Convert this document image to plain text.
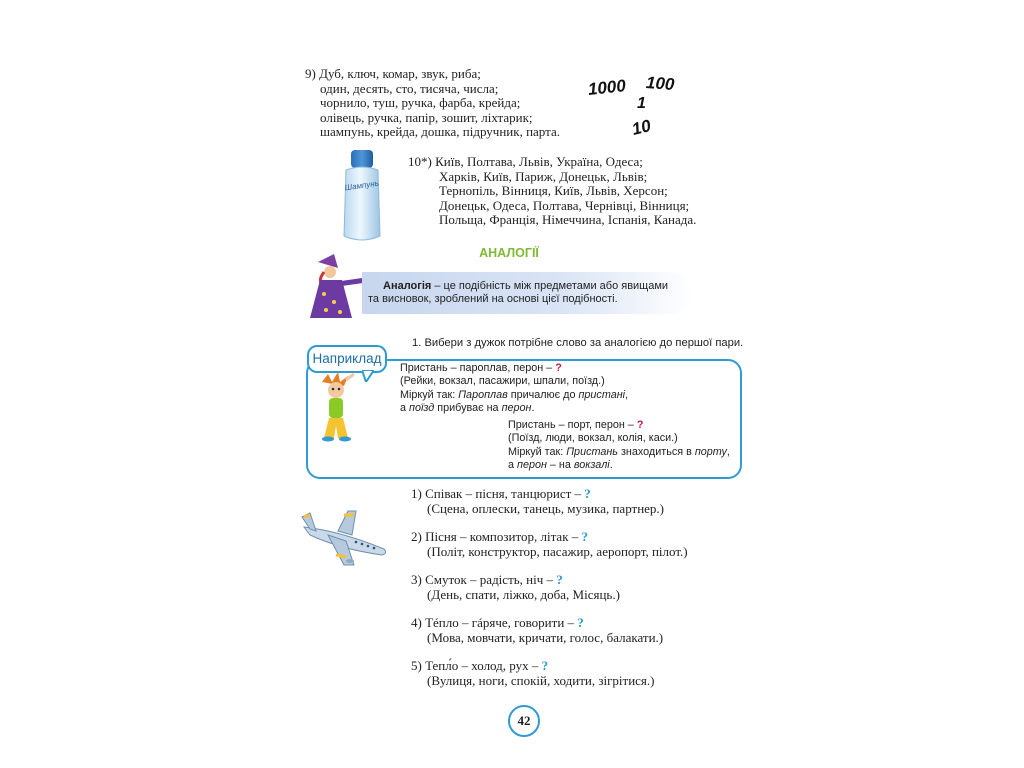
9) Дуб, ключ, комар, звук, риба;
один, десять, сто, тисяча, числа;
чорнило, туш, ручка, фарба, крейда;
олівець, ручка, папір, зошит, ліхтарик;
шампунь, крейда, дошка, підручник, парта.
1000 100
1
10
Шампунь
10*) Київ, Полтава, Львів, Україна, Одеса;
Харків, Київ, Париж, Донецьк, Львів;
Тернопіль, Вінниця, Київ, Львів, Херсон;
Донецьк, Одеса, Полтава, Чернівці, Вінниця;
Польща, Франція, Німеччина, Іспанія, Канада.
АНАЛОГІЇ
Аналогія – це подібність між предметами або явищами
та висновок, зроблений на основі цієї подібності.
1. Вибери з дужок потрібне слово за аналогією до першої пари.
Наприклад
Пристань – пароплав, перон – ?
(Рейки, вокзал, пасажири, шпали, поїзд.)
Міркуй так: Пароплав причалює до пристані,
а поїзд прибуває на перон.
Пристань – порт, перон – ?
(Поїзд, люди, вокзал, колія, каси.)
Міркуй так: Пристань знаходиться в порту,
а перон – на вокзалі.
1) Співак – пісня, танцюрист – ?
(Сцена, оплески, танець, музика, партнер.)
2) Пісня – композитор, літак – ?
(Політ, конструктор, пасажир, аеропорт, пілот.)
3) Смуток – радість, ніч – ?
(День, спати, ліжко, доба, Місяць.)
4) Тéпло – гáряче, говорити – ?
(Мова, мовчати, кричати, голос, балакати.)
5) Тепл́о – холод, рух – ?
(Вулиця, ноги, спокій, ходити, зігрітися.)
42
